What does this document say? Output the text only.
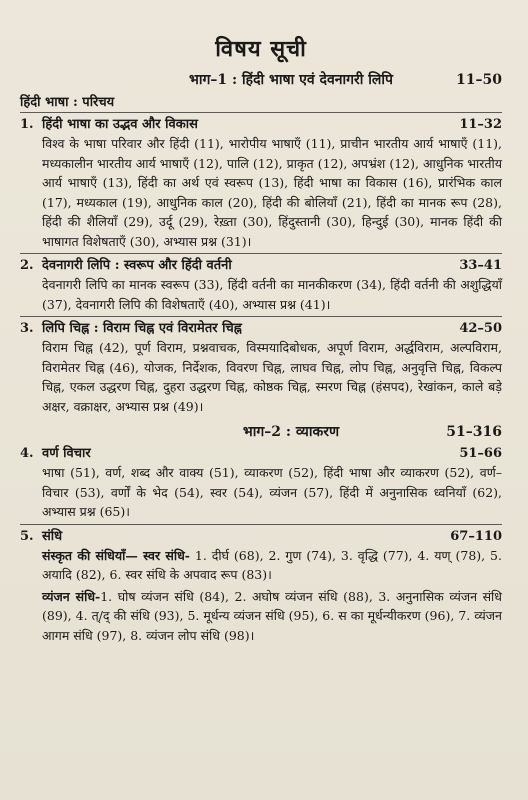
विषय सूची
भाग–1 : हिंदी भाषा एवं देवनागरी लिपि	11–50
हिंदी भाषा : परिचय
1. हिंदी भाषा का उद्भव और विकास	11–32

विश्व के भाषा परिवार और हिंदी (11), भारोपीय भाषाएँ (11), प्राचीन भारतीय आर्य भाषाएँ (11), मध्यकालीन भारतीय आर्य भाषाएँ (12), पालि (12), प्राकृत (12), अपभ्रंश (12), आधुनिक भारतीय आर्य भाषाएँ (13), हिंदी का अर्थ एवं स्वरूप (13), हिंदी भाषा का विकास (16), प्रारंभिक काल (17), मध्यकाल (19), आधुनिक काल (20), हिंदी की बोलियाँ (21), हिंदी का मानक रूप (28), हिंदी की शैलियाँ (29), उर्दू (29), रेख़्ता (30), हिंदुस्तानी (30), हिन्दुई (30), मानक हिंदी की भाषागत विशेषताएँ (30), अभ्यास प्रश्न (31)।

2. देवनागरी लिपि : स्वरूप और हिंदी वर्तनी	33–41

देवनागरी लिपि का मानक स्वरूप (33), हिंदी वर्तनी का मानकीकरण (34), हिंदी वर्तनी की अशुद्धियाँ (37), देवनागरी लिपि की विशेषताएँ (40), अभ्यास प्रश्न (41)।

3. लिपि चिह्न : विराम चिह्न एवं विरामेतर चिह्न	42–50

विराम चिह्न (42), पूर्ण विराम, प्रश्नवाचक, विस्मयादिबोधक, अपूर्ण विराम, अर्द्धविराम, अल्पविराम, विरामेतर चिह्न (46), योजक, निर्देशक, विवरण चिह्न, लाघव चिह्न, लोप चिह्न, अनुवृत्ति चिह्न, विकल्प चिह्न, एकल उद्धरण चिह्न, दुहरा उद्धरण चिह्न, कोष्ठक चिह्न, स्मरण चिह्न (हंसपद), रेखांकन, काले बड़े अक्षर, वक्राक्षर, अभ्यास प्रश्न (49)।

भाग–2 : व्याकरण	51–316
4. वर्ण विचार	51–66

भाषा (51), वर्ण, शब्द और वाक्य (51), व्याकरण (52), हिंदी भाषा और व्याकरण (52), वर्ण–विचार (53), वर्णों के भेद (54), स्वर (54), व्यंजन (57), हिंदी में अनुनासिक ध्वनियाँ (62), अभ्यास प्रश्न (65)।

5. संधि	67–110

संस्कृत की संधियाँ— स्वर संधि- 1. दीर्घ (68), 2. गुण (74), 3. वृद्धि (77), 4. यण् (78), 5. अयादि (82), 6. स्वर संधि के अपवाद रूप (83)।

व्यंजन संधि-1. घोष व्यंजन संधि (84), 2. अघोष व्यंजन संधि (88), 3. अनुनासिक व्यंजन संधि (89), 4. त्/द् की संधि (93), 5. मूर्धन्य व्यंजन संधि (95), 6. स का मूर्धन्यीकरण (96), 7. व्यंजन आगम संधि (97), 8. व्यंजन लोप संधि (98)।
